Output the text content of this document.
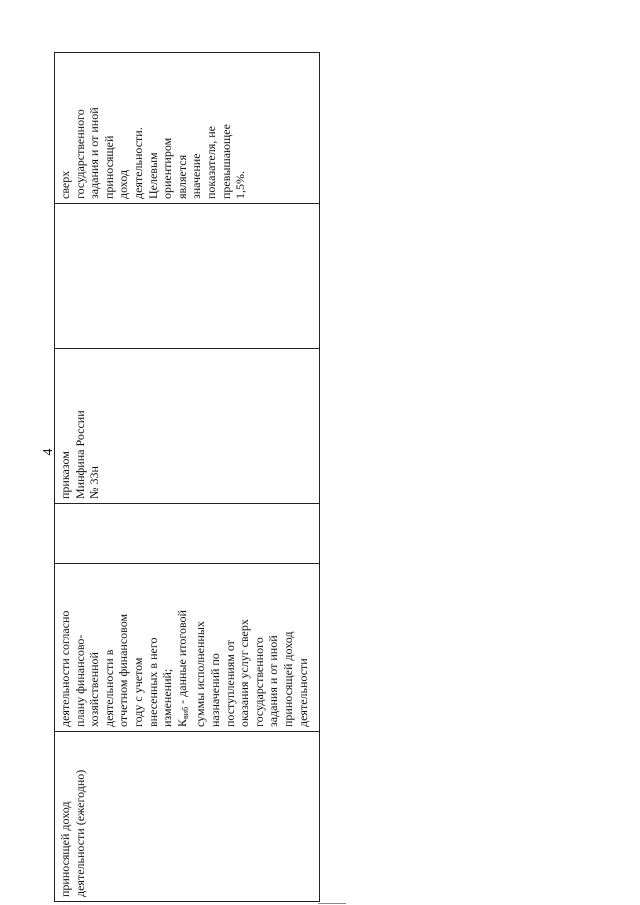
4
приносящей доход деятельности (ежегодно)
деятельности согласно плану финансово- хозяйственной деятельности в отчетном финансовом году с учетом внесенных в него изменений; $К_{виб}$ - данные итоговой суммы исполненных назначений по поступлениям от оказания услуг сверх государственного задания и от иной приносящей доход деятельности
приказом Минфина России № 33н
сверх государственного задания и от иной приносящей доход деятельности. Целевым ориентиром является значение показателя, не превышающее 1,5%.
